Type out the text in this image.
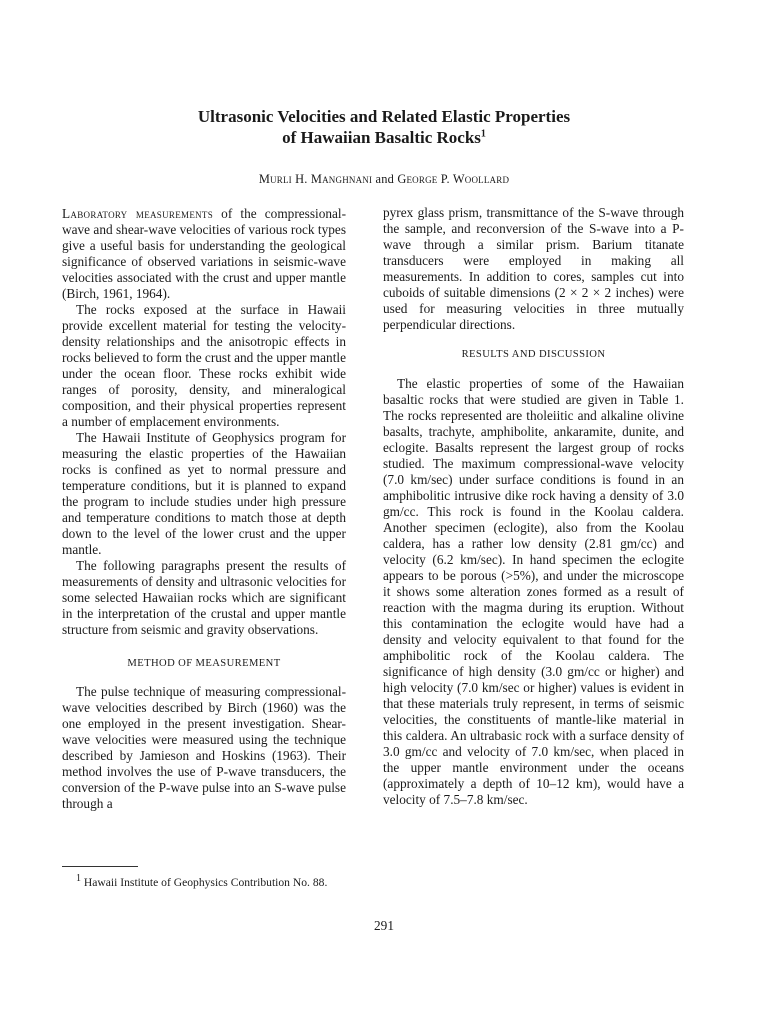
Ultrasonic Velocities and Related Elastic Properties
of Hawaiian Basaltic Rocks$^1$
Murli H. Manghnani and George P. Woollard

Laboratory measurements of the compressional-wave and shear-wave velocities of various rock types give a useful basis for understanding the geological significance of observed variations in seismic-wave velocities associated with the crust and upper mantle (Birch, 1961, 1964).

The rocks exposed at the surface in Hawaii provide excellent material for testing the velocity-density relationships and the anisotropic effects in rocks believed to form the crust and the upper mantle under the ocean floor. These rocks exhibit wide ranges of porosity, density, and mineralogical composition, and their physical properties represent a number of emplacement environments.

The Hawaii Institute of Geophysics program for measuring the elastic properties of the Hawaiian rocks is confined as yet to normal pressure and temperature conditions, but it is planned to expand the program to include studies under high pressure and temperature conditions to match those at depth down to the level of the lower crust and the upper mantle.

The following paragraphs present the results of measurements of density and ultrasonic velocities for some selected Hawaiian rocks which are significant in the interpretation of the crustal and upper mantle structure from seismic and gravity observations.

METHOD OF MEASUREMENT

The pulse technique of measuring compressional-wave velocities described by Birch (1960) was the one employed in the present investigation. Shear-wave velocities were measured using the technique described by Jamieson and Hoskins (1963). Their method involves the use of P-wave transducers, the conversion of the P-wave pulse into an S-wave pulse through a

pyrex glass prism, transmittance of the S-wave through the sample, and reconversion of the S-wave into a P-wave through a similar prism. Barium titanate transducers were employed in making all measurements. In addition to cores, samples cut into cuboids of suitable dimensions (2 × 2 × 2 inches) were used for measuring velocities in three mutually perpendicular directions.

RESULTS AND DISCUSSION

The elastic properties of some of the Hawaiian basaltic rocks that were studied are given in Table 1. The rocks represented are tholeiitic and alkaline olivine basalts, trachyte, amphibolite, ankaramite, dunite, and eclogite. Basalts represent the largest group of rocks studied. The maximum compressional-wave velocity (7.0 km/sec) under surface conditions is found in an amphibolitic intrusive dike rock having a density of 3.0 gm/cc. This rock is found in the Koolau caldera. Another specimen (eclogite), also from the Koolau caldera, has a rather low density (2.81 gm/cc) and velocity (6.2 km/sec). In hand specimen the eclogite appears to be porous (>5%), and under the microscope it shows some alteration zones formed as a result of reaction with the magma during its eruption. Without this contamination the eclogite would have had a density and velocity equivalent to that found for the amphibolitic rock of the Koolau caldera. The significance of high density (3.0 gm/cc or higher) and high velocity (7.0 km/sec or higher) values is evident in that these materials truly represent, in terms of seismic velocities, the constituents of mantle-like material in this caldera. An ultrabasic rock with a surface density of 3.0 gm/cc and velocity of 7.0 km/sec, when placed in the upper mantle environment under the oceans (approximately a depth of 10–12 km), would have a velocity of 7.5–7.8 km/sec.

$^1$ Hawaii Institute of Geophysics Contribution No. 88.

291
